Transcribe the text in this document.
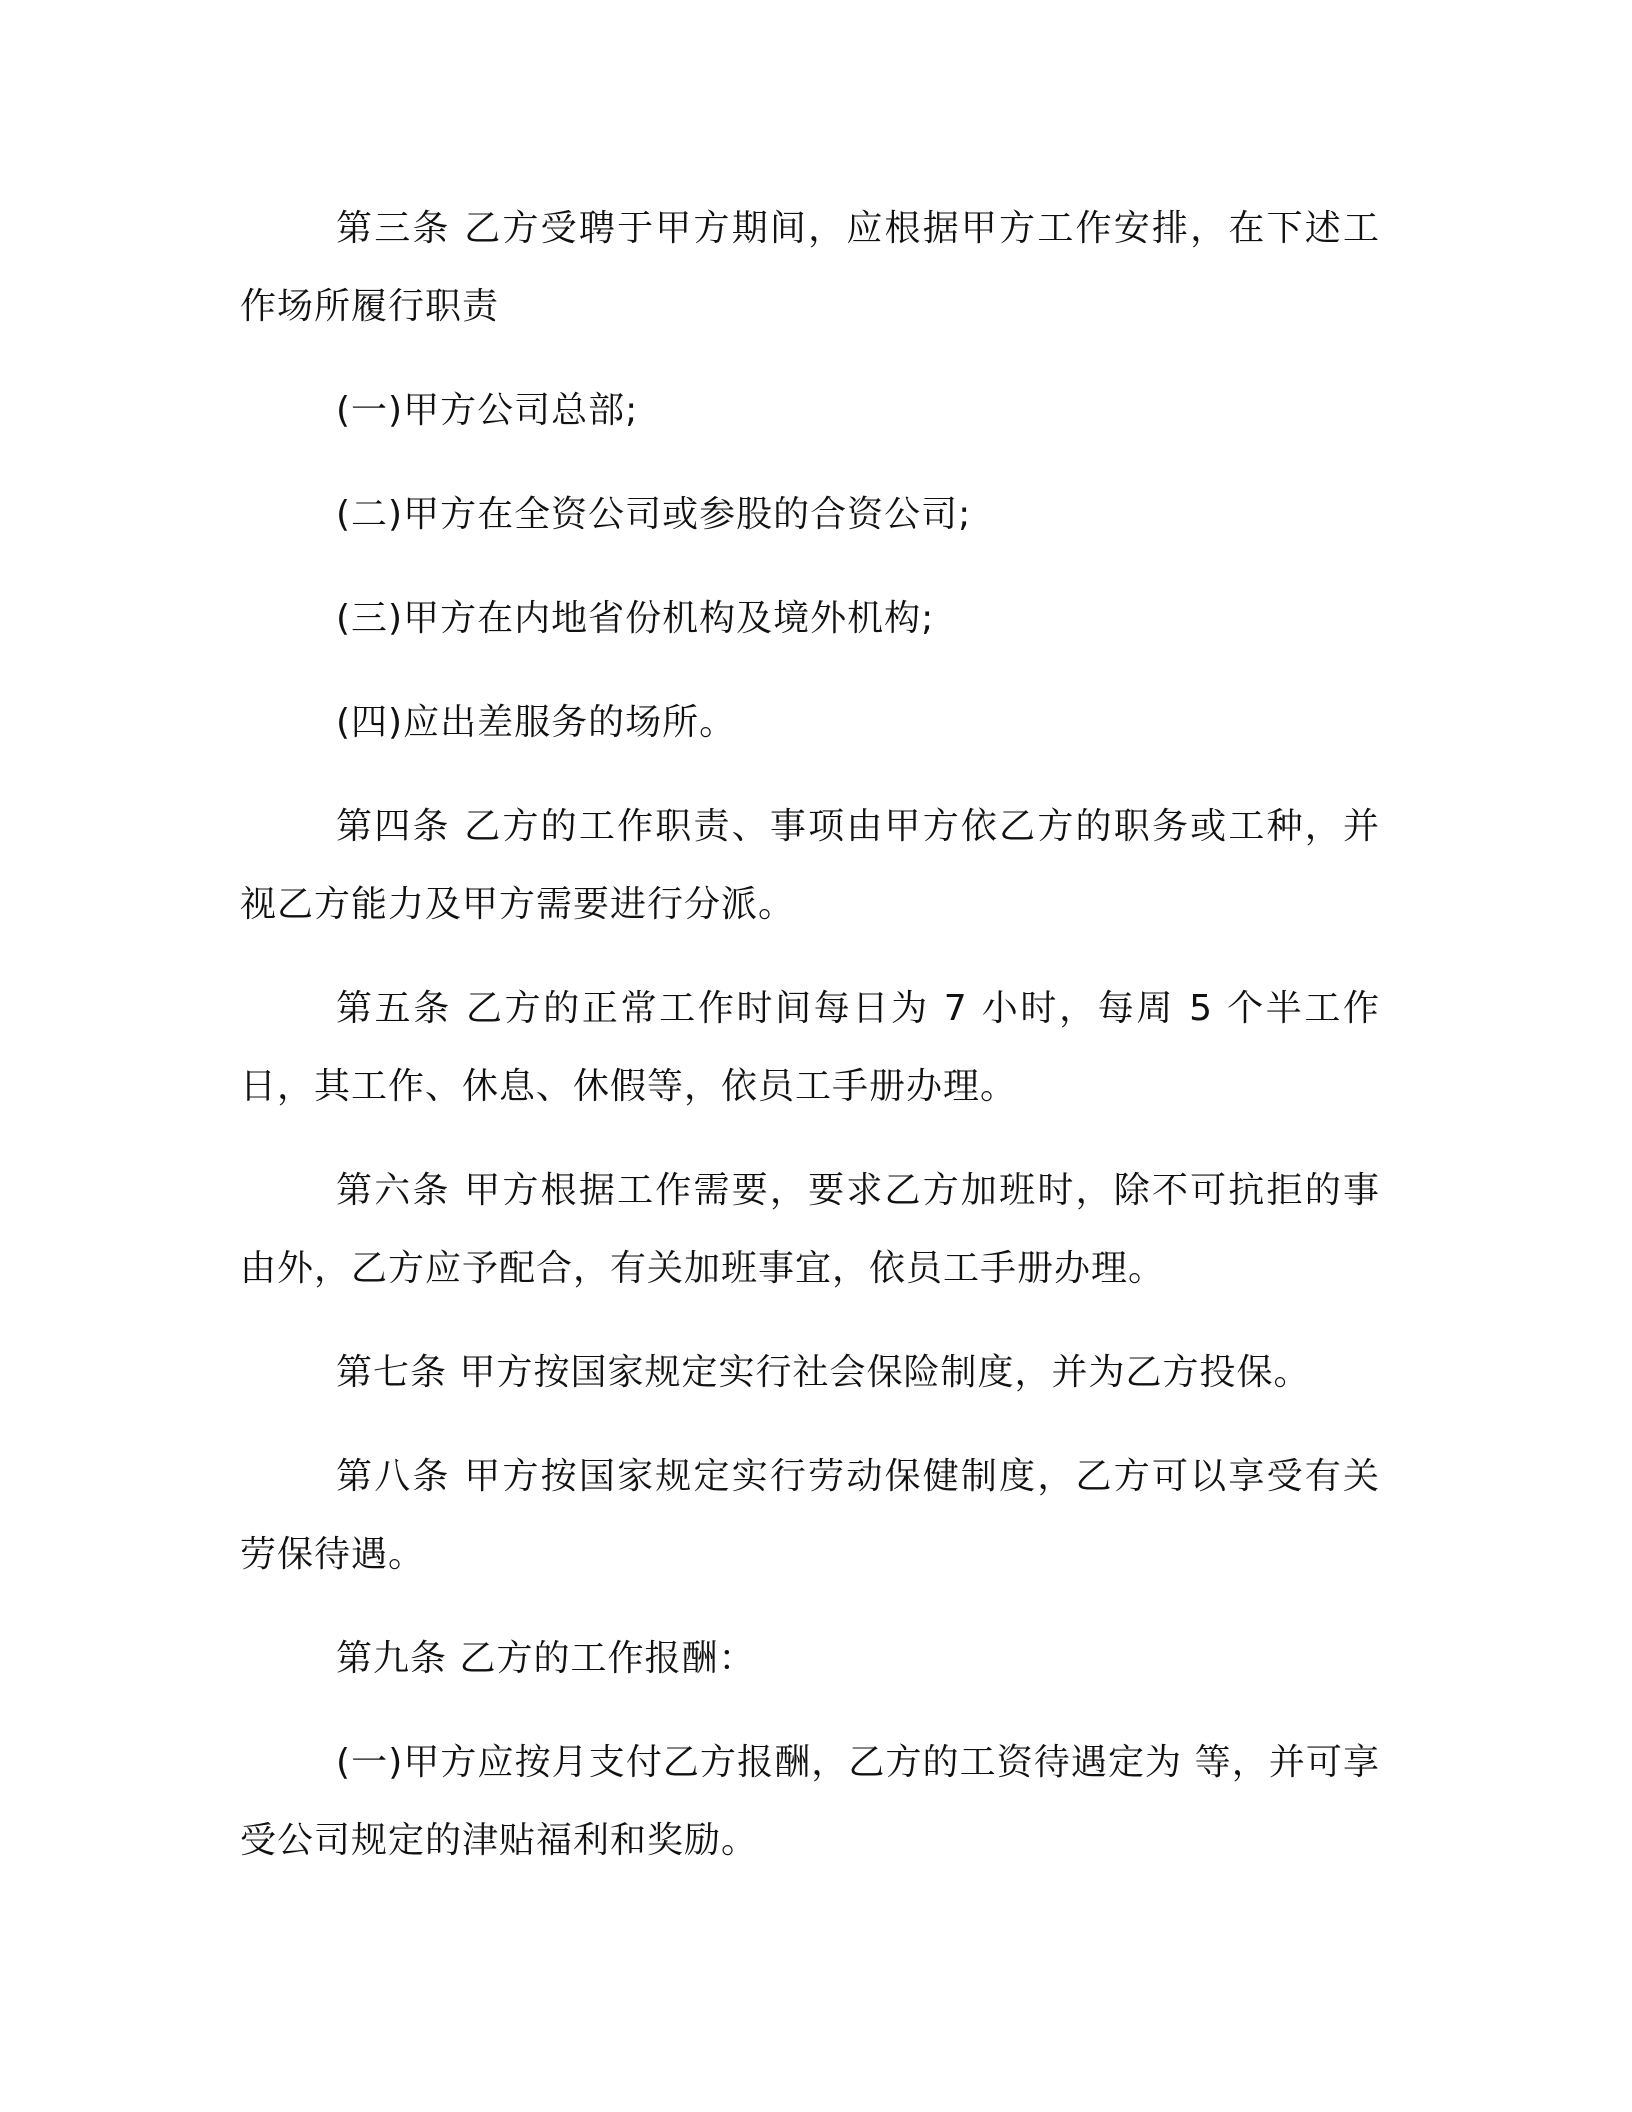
第三条 乙方受聘于甲方期间，应根据甲方工作安排，在下述工作场所履行职责

(一)甲方公司总部;

(二)甲方在全资公司或参股的合资公司;

(三)甲方在内地省份机构及境外机构;

(四)应出差服务的场所。

第四条 乙方的工作职责、事项由甲方依乙方的职务或工种，并视乙方能力及甲方需要进行分派。

第五条 乙方的正常工作时间每日为 7 小时，每周 5 个半工作日，其工作、休息、休假等，依员工手册办理。

第六条 甲方根据工作需要，要求乙方加班时，除不可抗拒的事由外，乙方应予配合，有关加班事宜，依员工手册办理。

第七条 甲方按国家规定实行社会保险制度，并为乙方投保。

第八条 甲方按国家规定实行劳动保健制度，乙方可以享受有关劳保待遇。

第九条 乙方的工作报酬：

(一)甲方应按月支付乙方报酬，乙方的工资待遇定为 等，并可享受公司规定的津贴福利和奖励。
